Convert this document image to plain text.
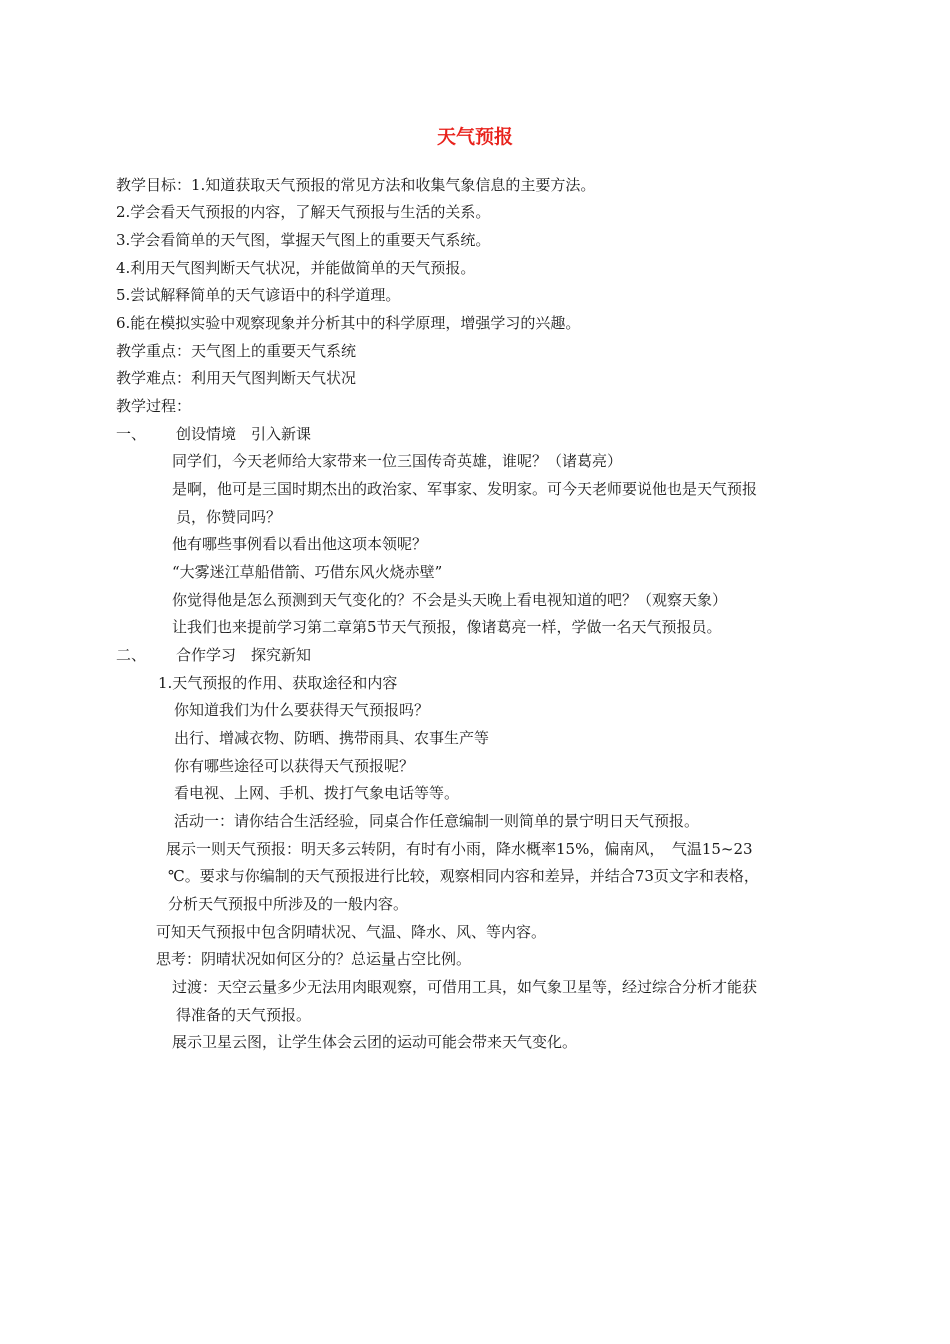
天气预报
教学目标：1.知道获取天气预报的常见方法和收集气象信息的主要方法。
2.学会看天气预报的内容，了解天气预报与生活的关系。
3.学会看简单的天气图，掌握天气图上的重要天气系统。
4.利用天气图判断天气状况，并能做简单的天气预报。
5.尝试解释简单的天气谚语中的科学道理。
6.能在模拟实验中观察现象并分析其中的科学原理，增强学习的兴趣。
教学重点：天气图上的重要天气系统
教学难点：利用天气图判断天气状况
教学过程：
一、 创设情境　引入新课
同学们，今天老师给大家带来一位三国传奇英雄，谁呢？（诸葛亮）
是啊，他可是三国时期杰出的政治家、军事家、发明家。可今天老师要说他也是天气预报
员，你赞同吗？
他有哪些事例看以看出他这项本领呢？
“大雾迷江草船借箭、巧借东风火烧赤壁”
你觉得他是怎么预测到天气变化的？不会是头天晚上看电视知道的吧？（观察天象）
让我们也来提前学习第二章第5节天气预报，像诸葛亮一样，学做一名天气预报员。
二、 合作学习　探究新知
1.天气预报的作用、获取途径和内容
你知道我们为什么要获得天气预报吗？
出行、增减衣物、防晒、携带雨具、农事生产等
你有哪些途径可以获得天气预报呢？
看电视、上网、手机、拨打气象电话等等。
活动一：请你结合生活经验，同桌合作任意编制一则简单的景宁明日天气预报。
展示一则天气预报：明天多云转阴，有时有小雨，降水概率15%，偏南风，　气温15~23
℃。要求与你编制的天气预报进行比较，观察相同内容和差异，并结合73页文字和表格，
分析天气预报中所涉及的一般内容。
可知天气预报中包含阴晴状况、气温、降水、风、等内容。
思考：阴晴状况如何区分的？总运量占空比例。
过渡：天空云量多少无法用肉眼观察，可借用工具，如气象卫星等，经过综合分析才能获
得准备的天气预报。
展示卫星云图，让学生体会云团的运动可能会带来天气变化。
